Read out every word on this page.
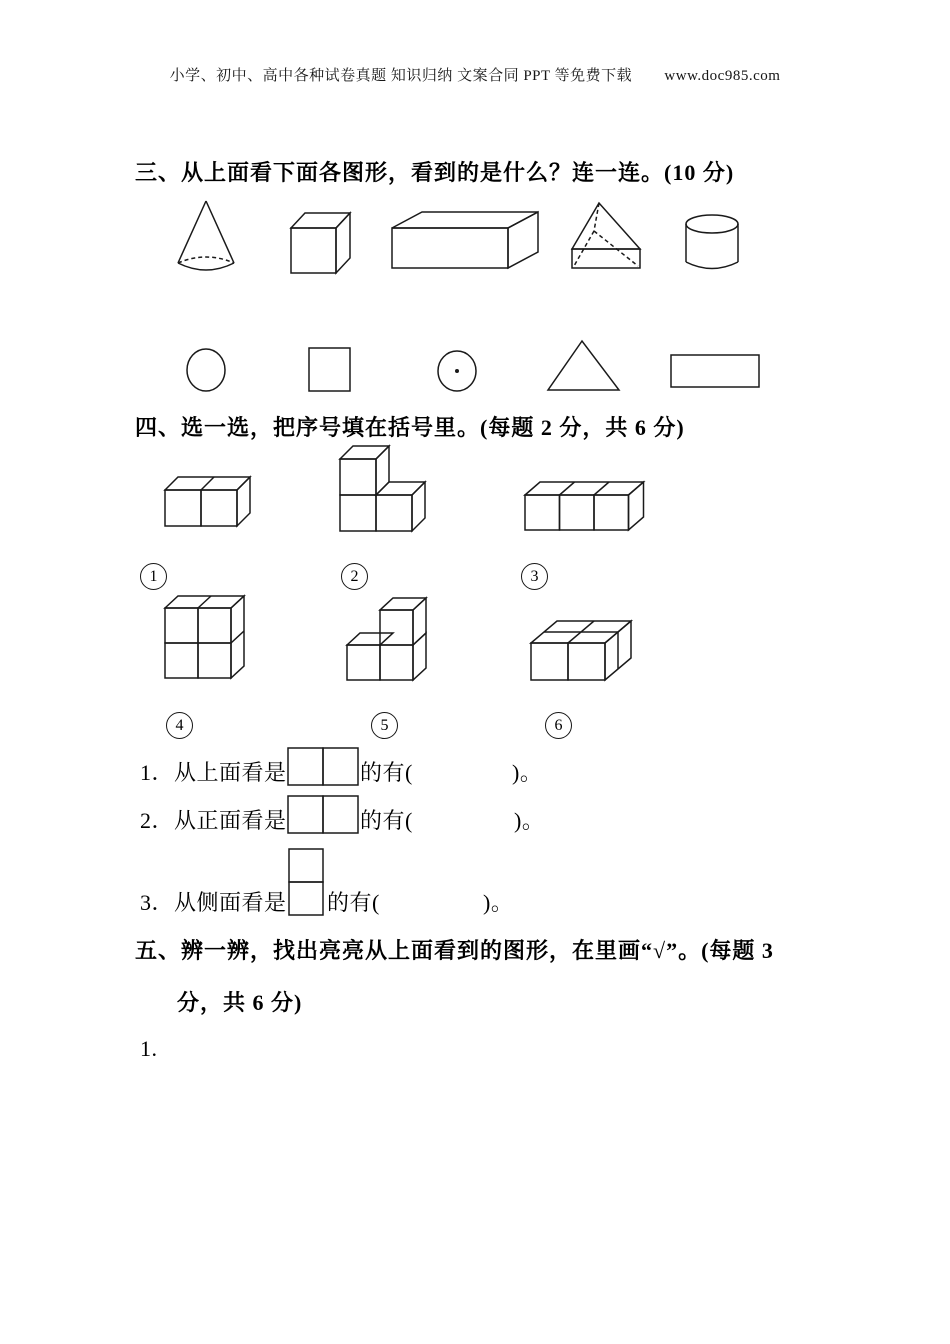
小学、初中、高中各种试卷真题 知识归纳 文案合同 PPT 等免费下载 www.doc985.com
三、从上面看下面各图形，看到的是什么？连一连。(10 分)
四、选一选，把序号填在括号里。(每题 2 分，共 6 分)
1	2	3
4	5	6
1．从上面看是	的有(	)。
2．从正面看是	的有(	)。
3．从侧面看是 的有(	)。
五、辨一辨，找出亮亮从上面看到的图形，在里画“√”。(每题 3
分，共 6 分)
1.
